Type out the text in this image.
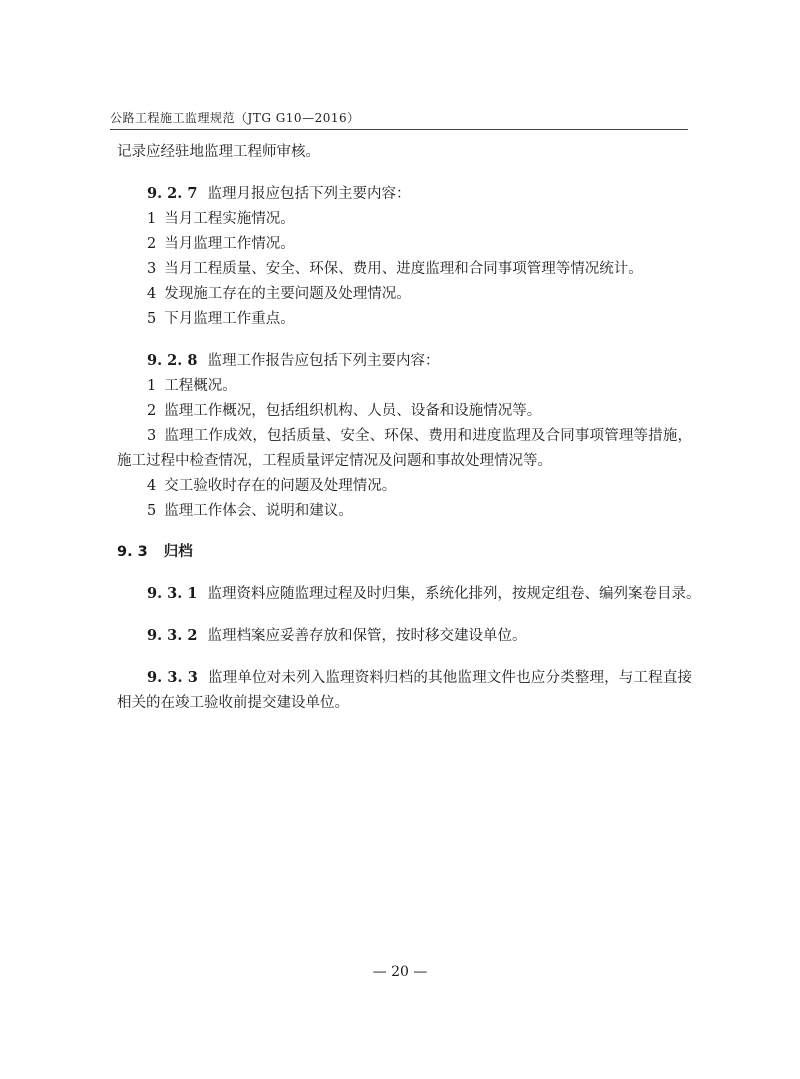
公路工程施工监理规范（JTG G10—2016）

记录应经驻地监理工程师审核。

9. 2. 7 监理月报应包括下列主要内容：

1 当月工程实施情况。

2 当月监理工作情况。

3 当月工程质量、安全、环保、费用、进度监理和合同事项管理等情况统计。

4 发现施工存在的主要问题及处理情况。

5 下月监理工作重点。

9. 2. 8 监理工作报告应包括下列主要内容：

1 工程概况。

2 监理工作概况，包括组织机构、人员、设备和设施情况等。

3 监理工作成效，包括质量、安全、环保、费用和进度监理及合同事项管理等措施，施工过程中检查情况，工程质量评定情况及问题和事故处理情况等。

4 交工验收时存在的问题及处理情况。

5 监理工作体会、说明和建议。

9. 3 归档

9. 3. 1 监理资料应随监理过程及时归集，系统化排列，按规定组卷、编列案卷目录。

9. 3. 2 监理档案应妥善存放和保管，按时移交建设单位。

9. 3. 3 监理单位对未列入监理资料归档的其他监理文件也应分类整理，与工程直接相关的在竣工验收前提交建设单位。

— 20 —
